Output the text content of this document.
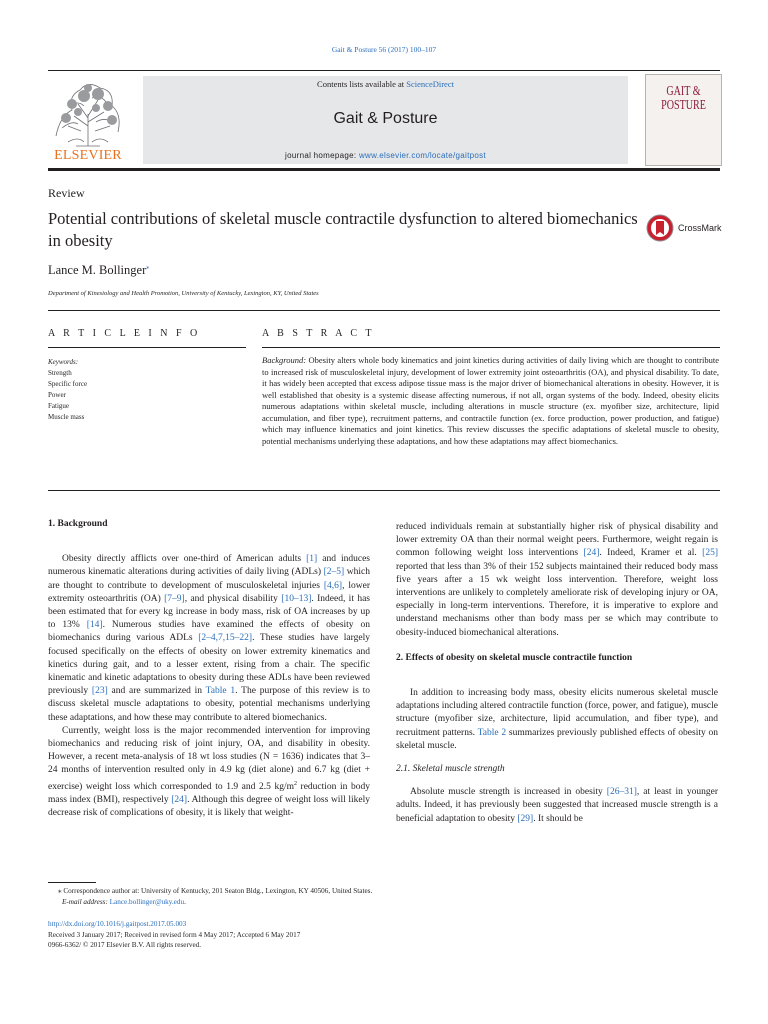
Gait & Posture 56 (2017) 100–107
ELSEVIER
Contents lists available at ScienceDirect
Gait & Posture
journal homepage: www.elsevier.com/locate/gaitpost
GAIT & POSTURE
Review
Potential contributions of skeletal muscle contractile dysfunction to altered biomechanics in obesity
CrossMark
Lance M. Bollinger⁎
Department of Kinesiology and Health Promotion, University of Kentucky, Lexington, KY, United States
A R T I C L E I N F O	A B S T R A C T
Keywords:
Strength
Specific force
Power
Fatigue
Muscle mass
Background: Obesity alters whole body kinematics and joint kinetics during activities of daily living which are thought to contribute to increased risk of musculoskeletal injury, development of lower extremity joint osteoarthritis (OA), and physical disability. To date, it has widely been accepted that excess adipose tissue mass is the major driver of biomechanical alterations in obesity. However, it is well established that obesity is a systemic disease affecting numerous, if not all, organ systems of the body. Indeed, obesity elicits numerous adaptations within skeletal muscle, including alterations in muscle structure (ex. myofiber size, architecture, lipid accumulation, and fiber type), recruitment patterns, and contractile function (ex. force production, power production, and fatigue) which may influence kinematics and joint kinetics. This review discusses the specific adaptations of skeletal muscle to obesity, potential mechanisms underlying these adaptations, and how these adaptations may affect biomechanics.
1. Background

Obesity directly afflicts over one-third of American adults [1] and induces numerous kinematic alterations during activities of daily living (ADLs) [2–5] which are thought to contribute to development of musculoskeletal injuries [4,6], lower extremity osteoarthritis (OA) [7–9], and physical disability [10–13]. Indeed, it has been estimated that for every kg increase in body mass, risk of OA increases by up to 13% [14]. Numerous studies have examined the effects of obesity on biomechanics during various ADLs [2–4,7,15–22]. These studies have largely focused specifically on the effects of obesity on lower extremity kinematics and kinetics during gait, and to a lesser extent, rising from a chair. The specific kinematic and kinetic adaptations to obesity during these ADLs have been reviewed previously [23] and are summarized in Table 1. The purpose of this review is to discuss skeletal muscle adaptations to obesity, potential mechanisms underlying these adaptations, and how these may contribute to altered biomechanics.

Currently, weight loss is the major recommended intervention for improving biomechanics and reducing risk of joint injury, OA, and disability in obesity. However, a recent meta-analysis of 18 wt loss studies (N = 1636) indicates that 3–24 months of intervention resulted only in 4.9 kg (diet alone) and 6.7 kg (diet + exercise) weight loss which corresponded to 1.9 and 2.5 $kg/m^2$ reduction in body mass index (BMI), respectively [24]. Although this degree of weight loss will likely decrease risk of complications of obesity, it is likely that weight-

reduced individuals remain at substantially higher risk of physical disability and lower extremity OA than their normal weight peers. Furthermore, weight regain is common following weight loss interventions [24]. Indeed, Kramer et al. [25] reported that less than 3% of their 152 subjects maintained their reduced body mass five years after a 15 wk weight loss intervention. Therefore, weight loss interventions are unlikely to completely ameliorate risk of developing injury or OA, especially in long-term interventions. Therefore, it is imperative to explore and understand mechanisms other than body mass per se which may contribute to obesity-induced biomechanical alterations.

2. Effects of obesity on skeletal muscle contractile function

In addition to increasing body mass, obesity elicits numerous skeletal muscle adaptations including altered contractile function (force, power, and fatigue), muscle structure (myofiber size, architecture, lipid accumulation, and fiber type), and recruitment patterns. Table 2 summarizes previously published effects of obesity on skeletal muscle.

2.1. Skeletal muscle strength

Absolute muscle strength is increased in obesity [26–31], at least in younger adults. Indeed, it has previously been suggested that increased muscle strength is a beneficial adaptation to obesity [29]. It should be

⁎ Correspondence author at: University of Kentucky, 201 Seaton Bldg., Lexington, KY 40506, United States.
E-mail address: Lance.bollinger@uky.edu.
http://dx.doi.org/10.1016/j.gaitpost.2017.05.003
Received 3 January 2017; Received in revised form 4 May 2017; Accepted 6 May 2017
0966-6362/ © 2017 Elsevier B.V. All rights reserved.
